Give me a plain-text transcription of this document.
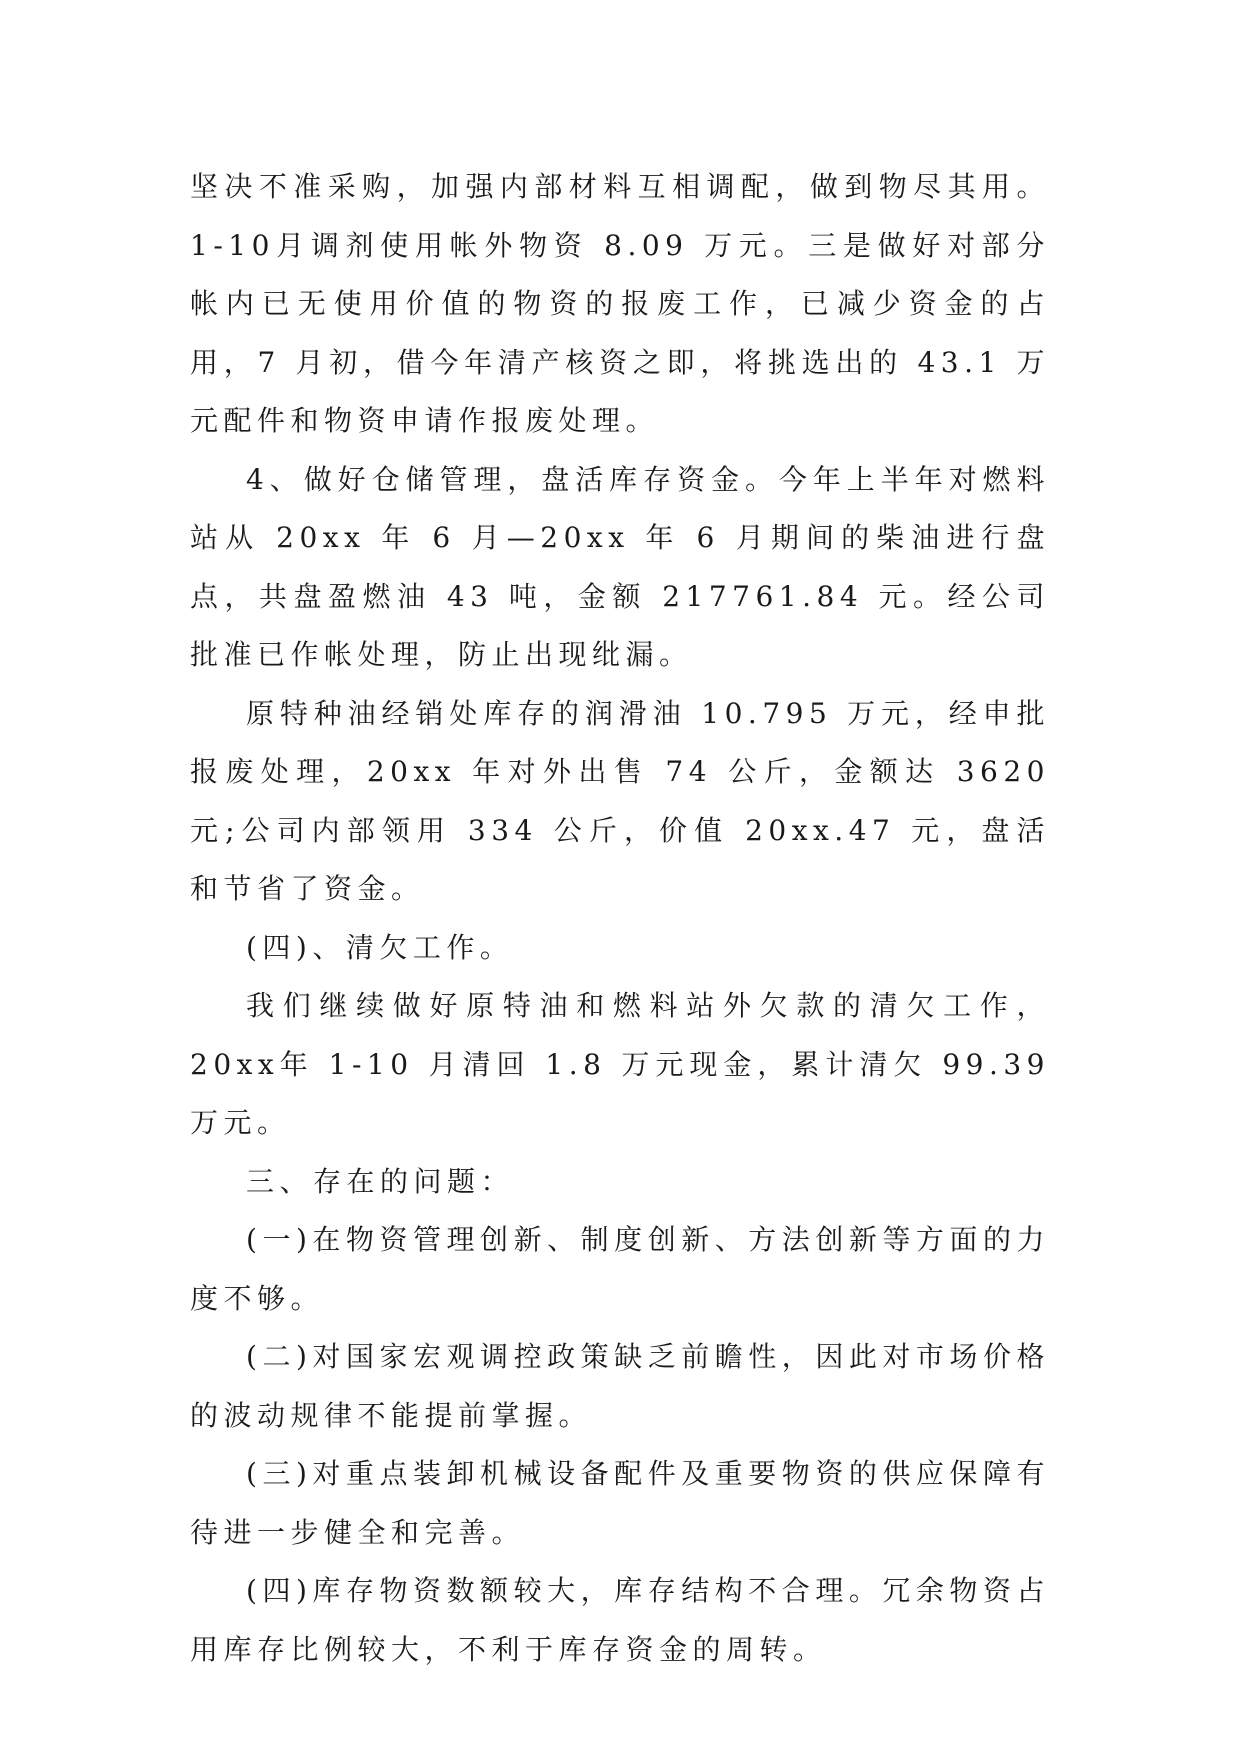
坚决不准采购，加强内部材料互相调配，做到物尽其用。1-10月调剂使用帐外物资 8.09 万元。三是做好对部分帐内已无使用价值的物资的报废工作，已减少资金的占用，7 月初，借今年清产核资之即，将挑选出的 43.1 万元配件和物资申请作报废处理。

4、做好仓储管理，盘活库存资金。今年上半年对燃料站从 20xx 年 6 月—20xx 年 6 月期间的柴油进行盘点，共盘盈燃油 43 吨，金额 217761.84 元。经公司批准已作帐处理，防止出现纰漏。

原特种油经销处库存的润滑油 10.795 万元，经申批报废处理，20xx 年对外出售 74 公斤，金额达 3620 元;公司内部领用 334 公斤，价值 20xx.47 元，盘活和节省了资金。

(四)、清欠工作。

我们继续做好原特油和燃料站外欠款的清欠工作，20xx年 1-10 月清回 1.8 万元现金，累计清欠 99.39 万元。

三、存在的问题：

(一)在物资管理创新、制度创新、方法创新等方面的力度不够。

(二)对国家宏观调控政策缺乏前瞻性，因此对市场价格的波动规律不能提前掌握。

(三)对重点装卸机械设备配件及重要物资的供应保障有待进一步健全和完善。

(四)库存物资数额较大，库存结构不合理。冗余物资占用库存比例较大，不利于库存资金的周转。
